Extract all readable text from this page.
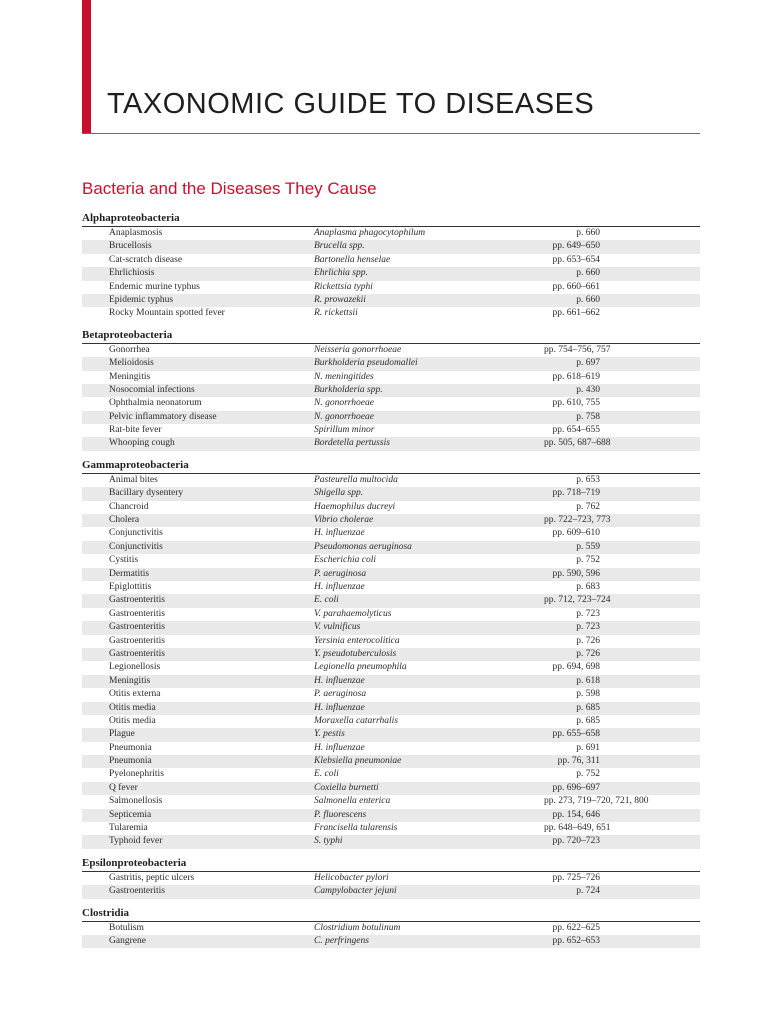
TAXONOMIC GUIDE TO DISEASES
Bacteria and the Diseases They Cause
Alphaproteobacteria
Anaplasmosis	Anaplasma phagocytophilum	p. 660
Brucellosis	Brucella spp.	pp. 649–650
Cat-scratch disease	Bartonella henselae	pp. 653–654
Ehrlichiosis	Ehrlichia spp.	p. 660
Endemic murine typhus	Rickettsia typhi	pp. 660–661
Epidemic typhus	R. prowazekii	p. 660
Rocky Mountain spotted fever	R. rickettsii	pp. 661–662
Betaproteobacteria
Gonorrhea	Neisseria gonorrhoeae	pp. 754–756, 757
Melioidosis	Burkholderia pseudomallei	p. 697
Meningitis	N. meningitides	pp. 618–619
Nosocomial infections	Burkholderia spp.	p. 430
Ophthalmia neonatorum	N. gonorrhoeae	pp. 610, 755
Pelvic inflammatory disease	N. gonorrhoeae	p. 758
Rat-bite fever	Spirillum minor	pp. 654–655
Whooping cough	Bordetella pertussis	pp. 505, 687–688
Gammaproteobacteria
Animal bites	Pasteurella multocida	p. 653
Bacillary dysentery	Shigella spp.	pp. 718–719
Chancroid	Haemophilus ducreyi	p. 762
Cholera	Vibrio cholerae	pp. 722–723, 773
Conjunctivitis	H. influenzae	pp. 609–610
Conjunctivitis	Pseudomonas aeruginosa	p. 559
Cystitis	Escherichia coli	p. 752
Dermatitis	P. aeruginosa	pp. 590, 596
Epiglottitis	H. influenzae	p. 683
Gastroenteritis	E. coli	pp. 712, 723–724
Gastroenteritis	V. parahaemolyticus	p. 723
Gastroenteritis	V. vulnificus	p. 723
Gastroenteritis	Yersinia enterocolitica	p. 726
Gastroenteritis	Y. pseudotuberculosis	p. 726
Legionellosis	Legionella pneumophila	pp. 694, 698
Meningitis	H. influenzae	p. 618
Otitis externa	P. aeruginosa	p. 598
Otitis media	H. influenzae	p. 685
Otitis media	Moraxella catarrhalis	p. 685
Plague	Y. pestis	pp. 655–658
Pneumonia	H. influenzae	p. 691
Pneumonia	Klebsiella pneumoniae	pp. 76, 311
Pyelonephritis	E. coli	p. 752
Q fever	Coxiella burnetti	pp. 696–697
Salmonellosis	Salmonella enterica	pp. 273, 719–720, 721, 800
Septicemia	P. fluorescens	pp. 154, 646
Tularemia	Francisella tularensis	pp. 648–649, 651
Typhoid fever	S. typhi	pp. 720–723
Epsilonproteobacteria
Gastritis, peptic ulcers	Helicobacter pylori	pp. 725–726
Gastroenteritis	Campylobacter jejuni	p. 724
Clostridia
Botulism	Clostridium botulinum	pp. 622–625
Gangrene	C. perfringens	pp. 652–653
